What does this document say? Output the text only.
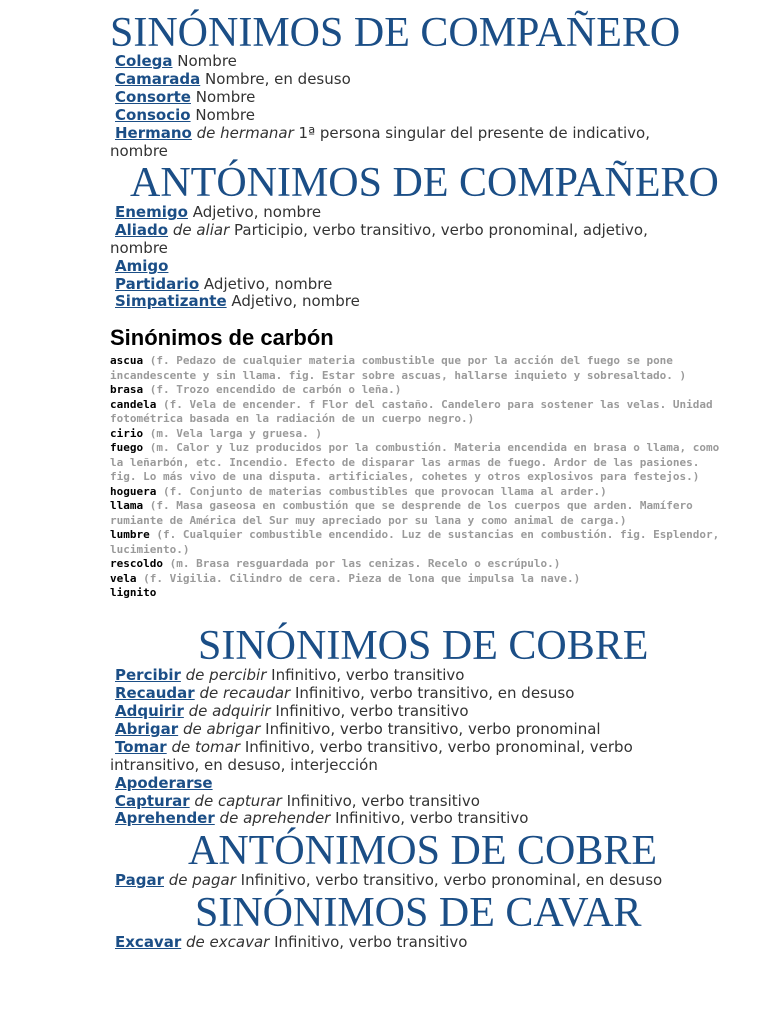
SINÓNIMOS DE COMPAÑERO
Colega Nombre
Camarada Nombre, en desuso
Consorte Nombre
Consocio Nombre
Hermano de hermanar 1ª persona singular del presente de indicativo, nombre
ANTÓNIMOS DE COMPAÑERO
Enemigo Adjetivo, nombre
Aliado de aliar Participio, verbo transitivo, verbo pronominal, adjetivo, nombre
Amigo
Partidario Adjetivo, nombre
Simpatizante Adjetivo, nombre
Sinónimos de carbón
ascua (f. Pedazo de cualquier materia combustible que por la acción del fuego se pone incandescente y sin llama. fig. Estar sobre ascuas, hallarse inquieto y sobresaltado. )
brasa (f. Trozo encendido de carbón o leña.)
candela (f. Vela de encender. f Flor del castaño. Candelero para sostener las velas. Unidad fotométrica basada en la radiación de un cuerpo negro.)
cirio (m. Vela larga y gruesa. )
fuego (m. Calor y luz producidos por la combustión. Materia encendida en brasa o llama, como la leñarbón, etc. Incendio. Efecto de disparar las armas de fuego. Ardor de las pasiones. fig. Lo más vivo de una disputa. artificiales, cohetes y otros explosivos para festejos.)
hoguera (f. Conjunto de materias combustibles que provocan llama al arder.)
llama (f. Masa gaseosa en combustión que se desprende de los cuerpos que arden. Mamífero rumiante de América del Sur muy apreciado por su lana y como animal de carga.)
lumbre (f. Cualquier combustible encendido. Luz de sustancias en combustión. fig. Esplendor, lucimiento.)
rescoldo (m. Brasa resguardada por las cenizas. Recelo o escrúpulo.)
vela (f. Vigilia. Cilindro de cera. Pieza de lona que impulsa la nave.)
lignito
SINÓNIMOS DE COBRE
Percibir de percibir Infinitivo, verbo transitivo
Recaudar de recaudar Infinitivo, verbo transitivo, en desuso
Adquirir de adquirir Infinitivo, verbo transitivo
Abrigar de abrigar Infinitivo, verbo transitivo, verbo pronominal
Tomar de tomar Infinitivo, verbo transitivo, verbo pronominal, verbo intransitivo, en desuso, interjección
Apoderarse
Capturar de capturar Infinitivo, verbo transitivo
Aprehender de aprehender Infinitivo, verbo transitivo
ANTÓNIMOS DE COBRE
Pagar de pagar Infinitivo, verbo transitivo, verbo pronominal, en desuso
SINÓNIMOS DE CAVAR
Excavar de excavar Infinitivo, verbo transitivo
